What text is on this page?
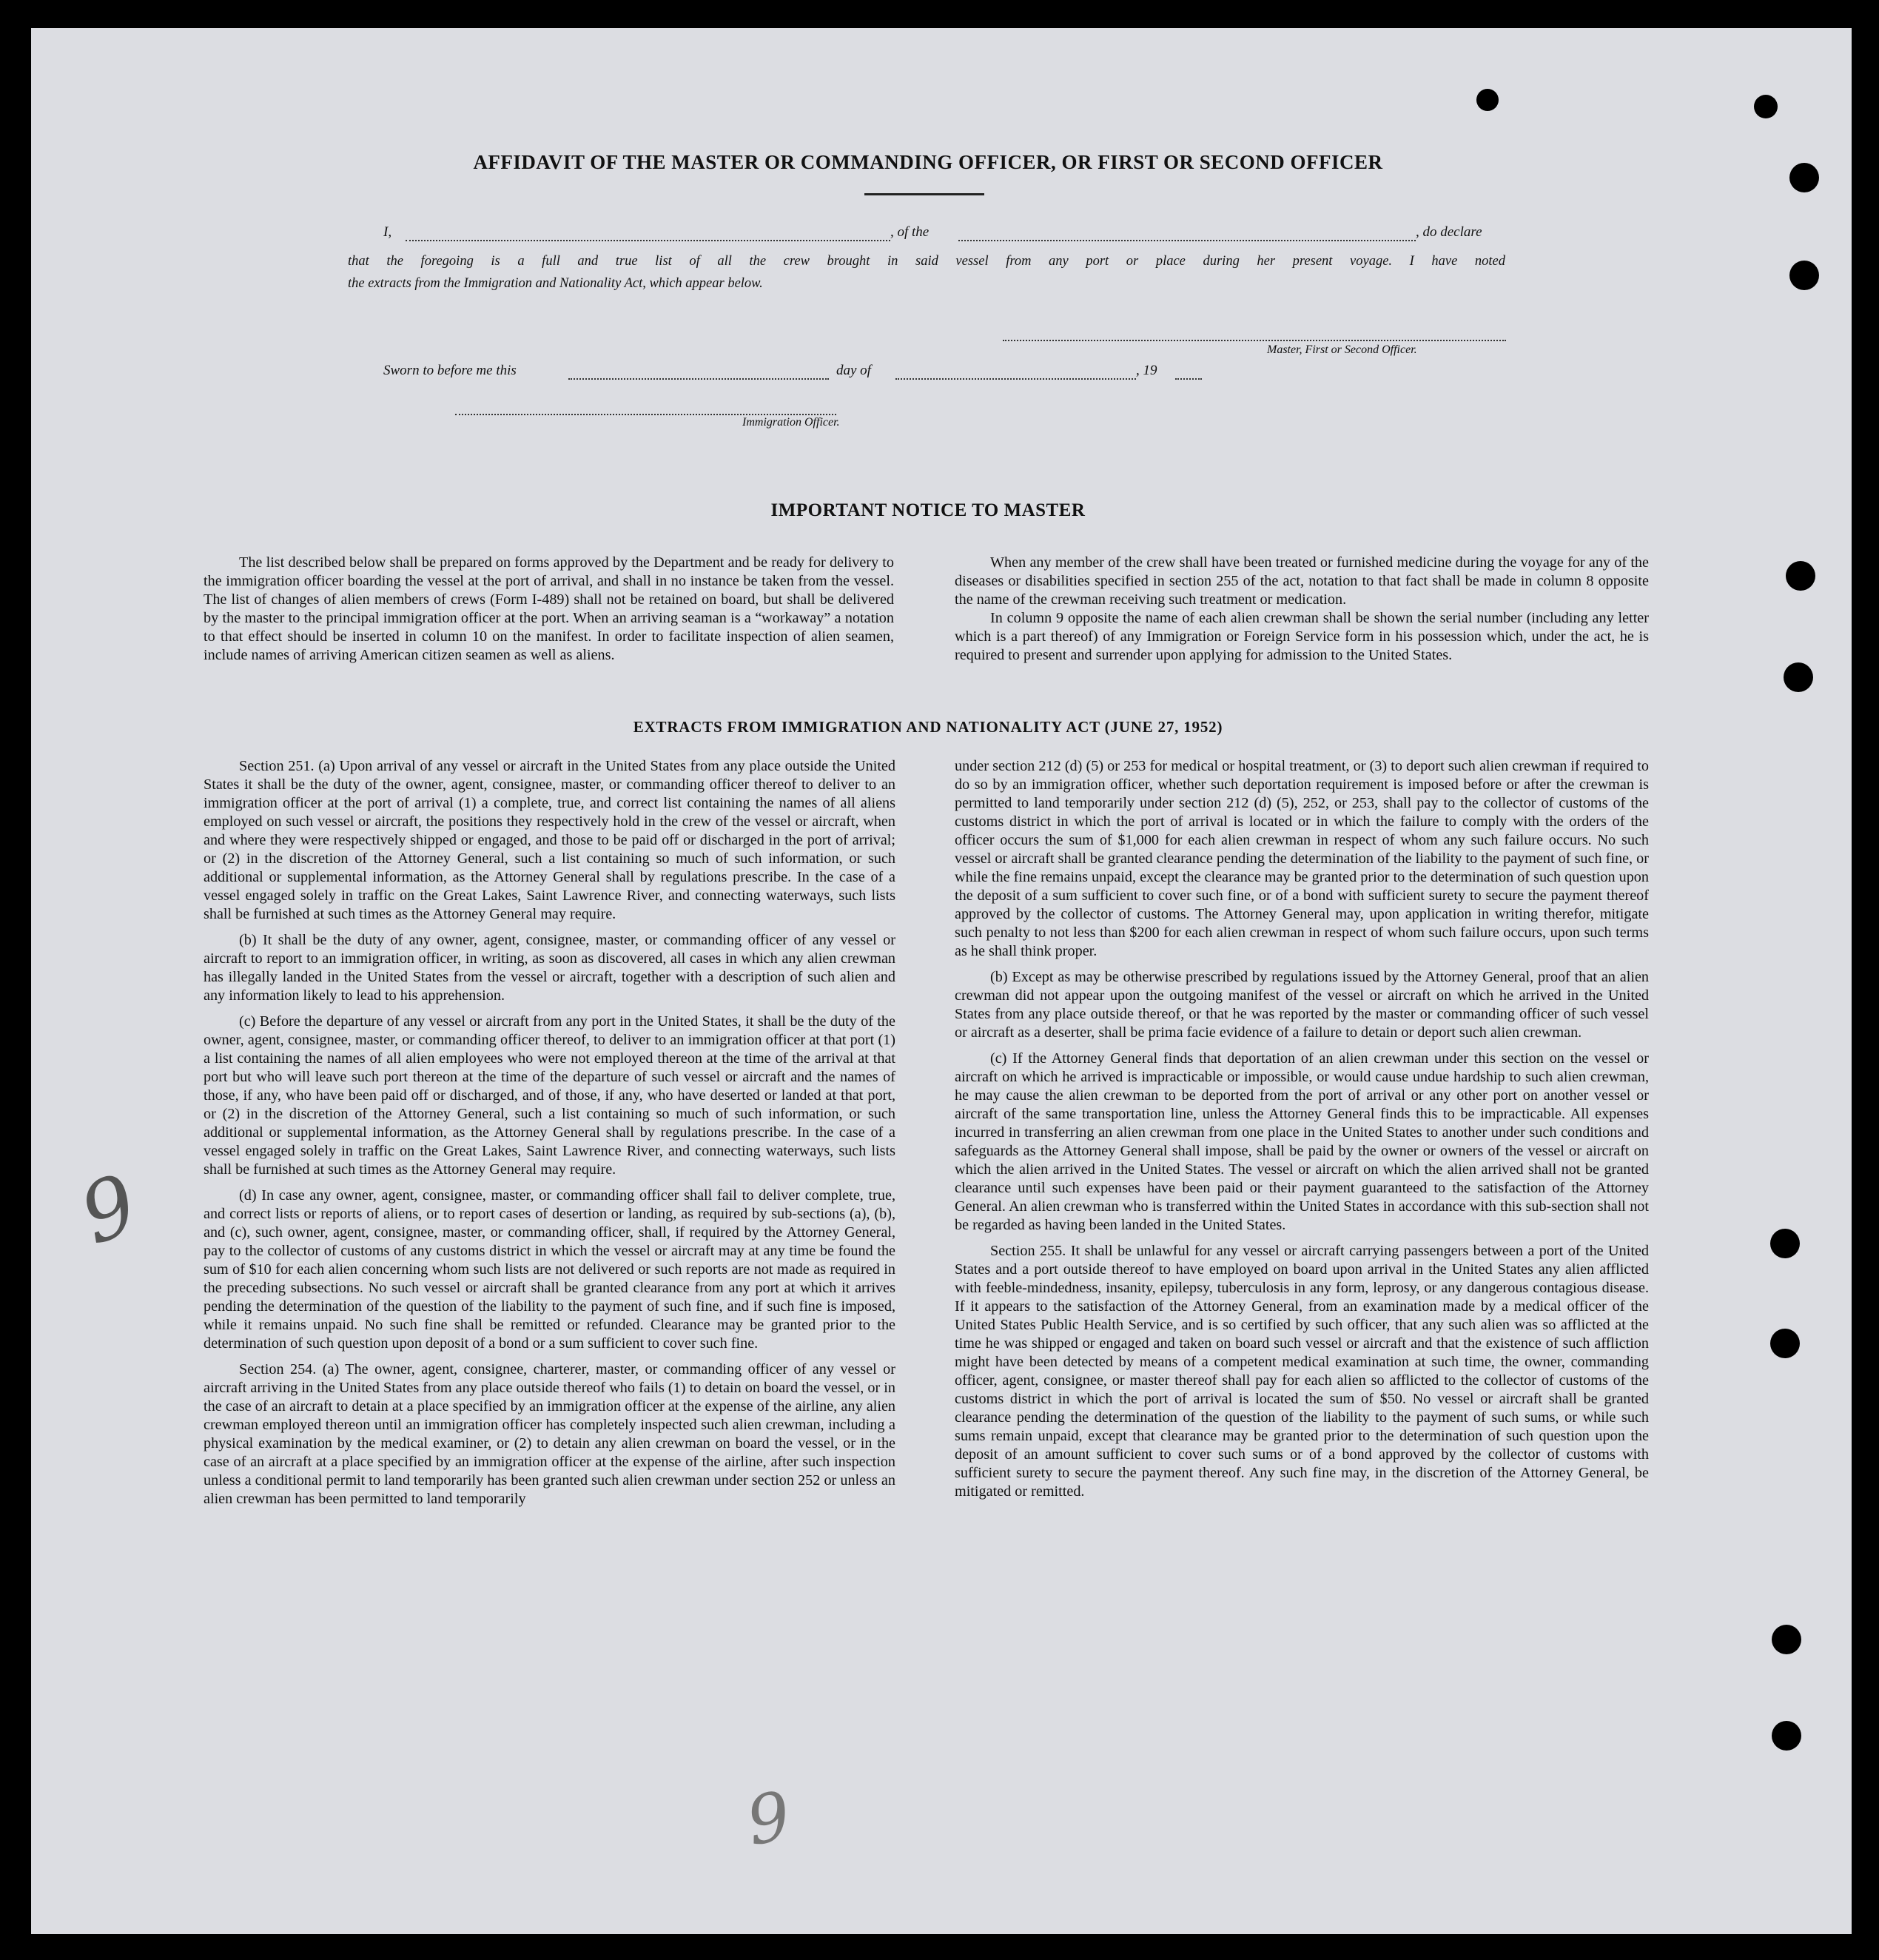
AFFIDAVIT OF THE MASTER OR COMMANDING OFFICER, OR FIRST OR SECOND OFFICER
I,	, of the	, do declare
that the foregoing is a full and true list of all the crew brought in said vessel from any port or place during her present voyage. I have noted
the extracts from the Immigration and Nationality Act, which appear below.
Master, First or Second Officer.
Sworn to before me this	day of	, 19
Immigration Officer.
IMPORTANT NOTICE TO MASTER

The list described below shall be prepared on forms approved by the Department and be ready for delivery to the immigration officer boarding the vessel at the port of arrival, and shall in no instance be taken from the vessel. The list of changes of alien members of crews (Form I-489) shall not be retained on board, but shall be delivered by the master to the principal immigration officer at the port. When an arriving seaman is a “workaway” a notation to that effect should be inserted in column 10 on the manifest. In order to facilitate inspection of alien seamen, include names of arriving American citizen seamen as well as aliens.

When any member of the crew shall have been treated or furnished medicine during the voyage for any of the diseases or disabilities specified in section 255 of the act, notation to that fact shall be made in column 8 opposite the name of the crewman receiving such treatment or medication.

In column 9 opposite the name of each alien crewman shall be shown the serial number (including any letter which is a part thereof) of any Immigration or Foreign Service form in his possession which, under the act, he is required to present and surrender upon applying for admission to the United States.

EXTRACTS FROM IMMIGRATION AND NATIONALITY ACT (JUNE 27, 1952)

Section 251. (a) Upon arrival of any vessel or aircraft in the United States from any place outside the United States it shall be the duty of the owner, agent, consignee, master, or commanding officer thereof to deliver to an immigration officer at the port of arrival (1) a complete, true, and correct list containing the names of all aliens employed on such vessel or aircraft, the positions they respectively hold in the crew of the vessel or aircraft, when and where they were respectively shipped or engaged, and those to be paid off or discharged in the port of arrival; or (2) in the discretion of the Attorney General, such a list containing so much of such information, or such additional or supplemental information, as the Attorney General shall by regulations prescribe. In the case of a vessel engaged solely in traffic on the Great Lakes, Saint Lawrence River, and connecting waterways, such lists shall be furnished at such times as the Attorney General may require.

(b) It shall be the duty of any owner, agent, consignee, master, or commanding officer of any vessel or aircraft to report to an immigration officer, in writing, as soon as discovered, all cases in which any alien crewman has illegally landed in the United States from the vessel or aircraft, together with a description of such alien and any information likely to lead to his apprehension.

(c) Before the departure of any vessel or aircraft from any port in the United States, it shall be the duty of the owner, agent, consignee, master, or commanding officer thereof, to deliver to an immigration officer at that port (1) a list containing the names of all alien employees who were not employed thereon at the time of the arrival at that port but who will leave such port thereon at the time of the departure of such vessel or aircraft and the names of those, if any, who have been paid off or discharged, and of those, if any, who have deserted or landed at that port, or (2) in the discretion of the Attorney General, such a list containing so much of such information, or such additional or supplemental information, as the Attorney General shall by regulations prescribe. In the case of a vessel engaged solely in traffic on the Great Lakes, Saint Lawrence River, and connecting waterways, such lists shall be furnished at such times as the Attorney General may require.

(d) In case any owner, agent, consignee, master, or commanding officer shall fail to deliver complete, true, and correct lists or reports of aliens, or to report cases of desertion or landing, as required by sub-sections (a), (b), and (c), such owner, agent, consignee, master, or commanding officer, shall, if required by the Attorney General, pay to the collector of customs of any customs district in which the vessel or aircraft may at any time be found the sum of $10 for each alien concerning whom such lists are not delivered or such reports are not made as required in the preceding subsections. No such vessel or aircraft shall be granted clearance from any port at which it arrives pending the determination of the question of the liability to the payment of such fine, and if such fine is imposed, while it remains unpaid. No such fine shall be remitted or refunded. Clearance may be granted prior to the determination of such question upon deposit of a bond or a sum sufficient to cover such fine.

Section 254. (a) The owner, agent, consignee, charterer, master, or commanding officer of any vessel or aircraft arriving in the United States from any place outside thereof who fails (1) to detain on board the vessel, or in the case of an aircraft to detain at a place specified by an immigration officer at the expense of the airline, any alien crewman employed thereon until an immigration officer has completely inspected such alien crewman, including a physical examination by the medical examiner, or (2) to detain any alien crewman on board the vessel, or in the case of an aircraft at a place specified by an immigration officer at the expense of the airline, after such inspection unless a conditional permit to land temporarily has been granted such alien crewman under section 252 or unless an alien crewman has been permitted to land temporarily

under section 212 (d) (5) or 253 for medical or hospital treatment, or (3) to deport such alien crewman if required to do so by an immigration officer, whether such deportation requirement is imposed before or after the crewman is permitted to land temporarily under section 212 (d) (5), 252, or 253, shall pay to the collector of customs of the customs district in which the port of arrival is located or in which the failure to comply with the orders of the officer occurs the sum of $1,000 for each alien crewman in respect of whom any such failure occurs. No such vessel or aircraft shall be granted clearance pending the determination of the liability to the payment of such fine, or while the fine remains unpaid, except the clearance may be granted prior to the determination of such question upon the deposit of a sum sufficient to cover such fine, or of a bond with sufficient surety to secure the payment thereof approved by the collector of customs. The Attorney General may, upon application in writing therefor, mitigate such penalty to not less than $200 for each alien crewman in respect of whom such failure occurs, upon such terms as he shall think proper.

(b) Except as may be otherwise prescribed by regulations issued by the Attorney General, proof that an alien crewman did not appear upon the outgoing manifest of the vessel or aircraft on which he arrived in the United States from any place outside thereof, or that he was reported by the master or commanding officer of such vessel or aircraft as a deserter, shall be prima facie evidence of a failure to detain or deport such alien crewman.

(c) If the Attorney General finds that deportation of an alien crewman under this section on the vessel or aircraft on which he arrived is impracticable or impossible, or would cause undue hardship to such alien crewman, he may cause the alien crewman to be deported from the port of arrival or any other port on another vessel or aircraft of the same transportation line, unless the Attorney General finds this to be impracticable. All expenses incurred in transferring an alien crewman from one place in the United States to another under such conditions and safeguards as the Attorney General shall impose, shall be paid by the owner or owners of the vessel or aircraft on which the alien arrived in the United States. The vessel or aircraft on which the alien arrived shall not be granted clearance until such expenses have been paid or their payment guaranteed to the satisfaction of the Attorney General. An alien crewman who is transferred within the United States in accordance with this sub-section shall not be regarded as having been landed in the United States.

Section 255. It shall be unlawful for any vessel or aircraft carrying passengers between a port of the United States and a port outside thereof to have employed on board upon arrival in the United States any alien afflicted with feeble-mindedness, insanity, epilepsy, tuberculosis in any form, leprosy, or any dangerous contagious disease. If it appears to the satisfaction of the Attorney General, from an examination made by a medical officer of the United States Public Health Service, and is so certified by such officer, that any such alien was so afflicted at the time he was shipped or engaged and taken on board such vessel or aircraft and that the existence of such affliction might have been detected by means of a competent medical examination at such time, the owner, commanding officer, agent, consignee, or master thereof shall pay for each alien so afflicted to the collector of customs of the customs district in which the port of arrival is located the sum of $50. No vessel or aircraft shall be granted clearance pending the determination of the question of the liability to the payment of such sums, or while such sums remain unpaid, except that clearance may be granted prior to the determination of such question upon the deposit of an amount sufficient to cover such sums or of a bond approved by the collector of customs with sufficient surety to secure the payment thereof. Any such fine may, in the discretion of the Attorney General, be mitigated or remitted.

9
9
